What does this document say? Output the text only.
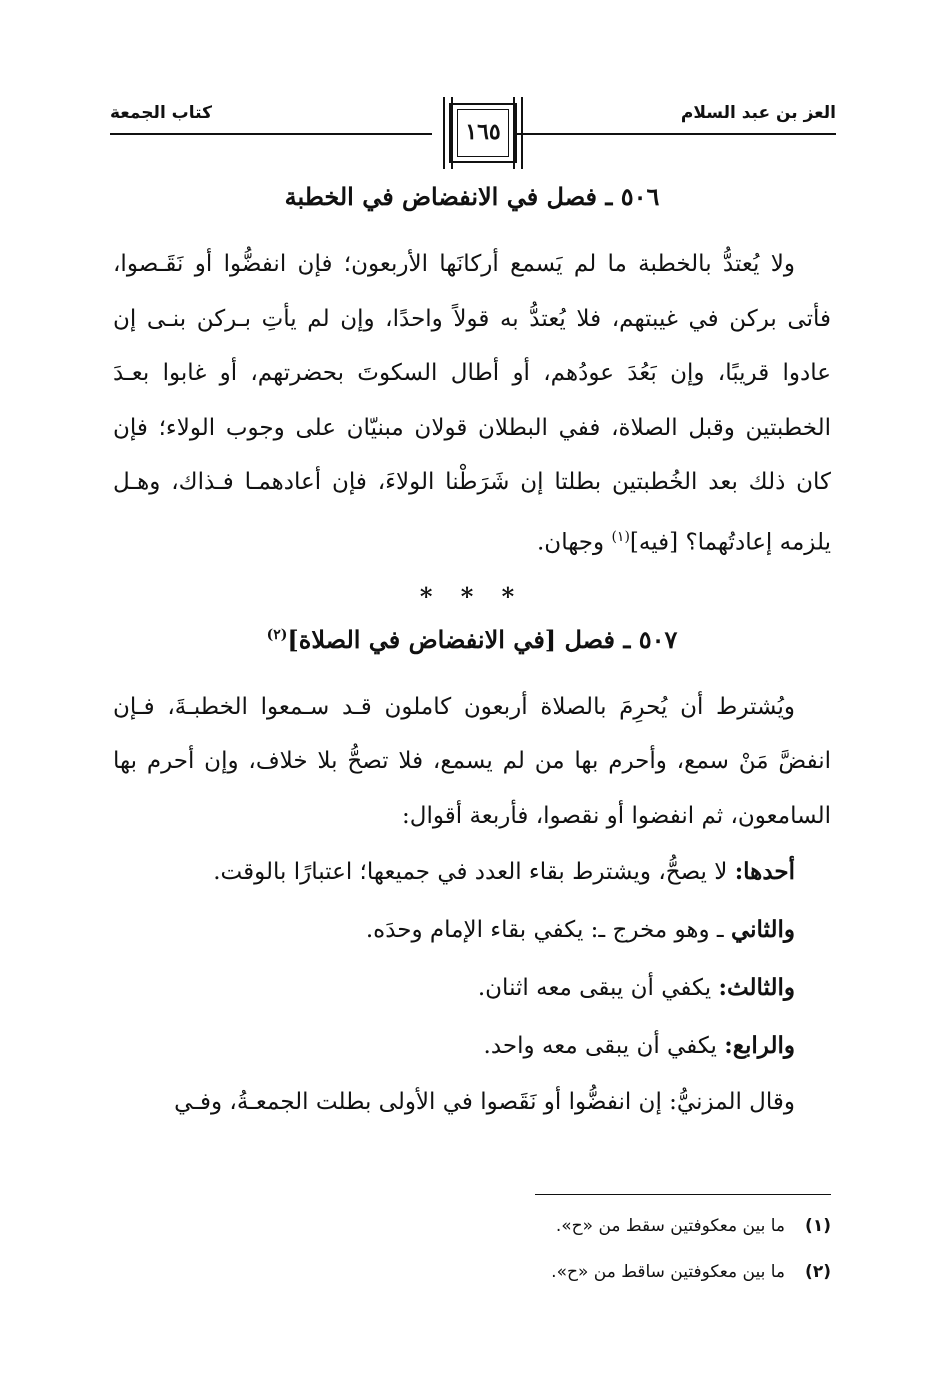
كتاب الجمعة
١٦٥
العز بن عبد السلام
٥٠٦ ـ فصل في الانفضاض في الخطبة

ولا يُعتدُّ بالخطبة ما لم يَسمع أركانَها الأربعون؛ فإن انفضُّوا أو نَقَـصوا، فأتى بركن في غيبتهم، فلا يُعتدُّ به قولاً واحدًا، وإن لم يأتِ بـركن بنـى إن عادوا قريبًا، وإن بَعُدَ عودُهم، أو أطال السكوتَ بحضرتهم، أو غابوا بعـدَ الخطبتين وقبل الصلاة، ففي البطلان قولان مبنيّان على وجوب الولاء؛ فإن كان ذلك بعد الخُطبتين بطلتا إن شَرَطْنا الولاءَ، فإن أعادهمـا فـذاك، وهـل يلزمه إعادتُهما؟ [فيه]$^{(١)}$ وجهان.

* * *
٥٠٧ ـ فصل [في الانفضاض في الصلاة]$^{(٢)}$

ويُشترط أن يُحرِمَ بالصلاة أربعون كاملون قـد سـمعوا الخطبـةَ، فـإن انفضَّ مَنْ سمع، وأحرم بها من لم يسمع، فلا تصحُّ بلا خلاف، وإن أحرم بها السامعون، ثم انفضوا أو نقصوا، فأربعة أقوال:

أحدها: لا يصحُّ، ويشترط بقاء العدد في جميعها؛ اعتبارًا بالوقت.

والثاني ـ وهو مخرج ـ: يكفي بقاء الإمام وحدَه.

والثالث: يكفي أن يبقى معه اثنان.

والرابع: يكفي أن يبقى معه واحد.

وقال المزنيُّ: إن انفضُّوا أو نَقَصوا في الأولى بطلت الجمعـةُ، وفـي

(١)ما بين معكوفتين سقط من «ح».

(٢)ما بين معكوفتين ساقط من «ح».
